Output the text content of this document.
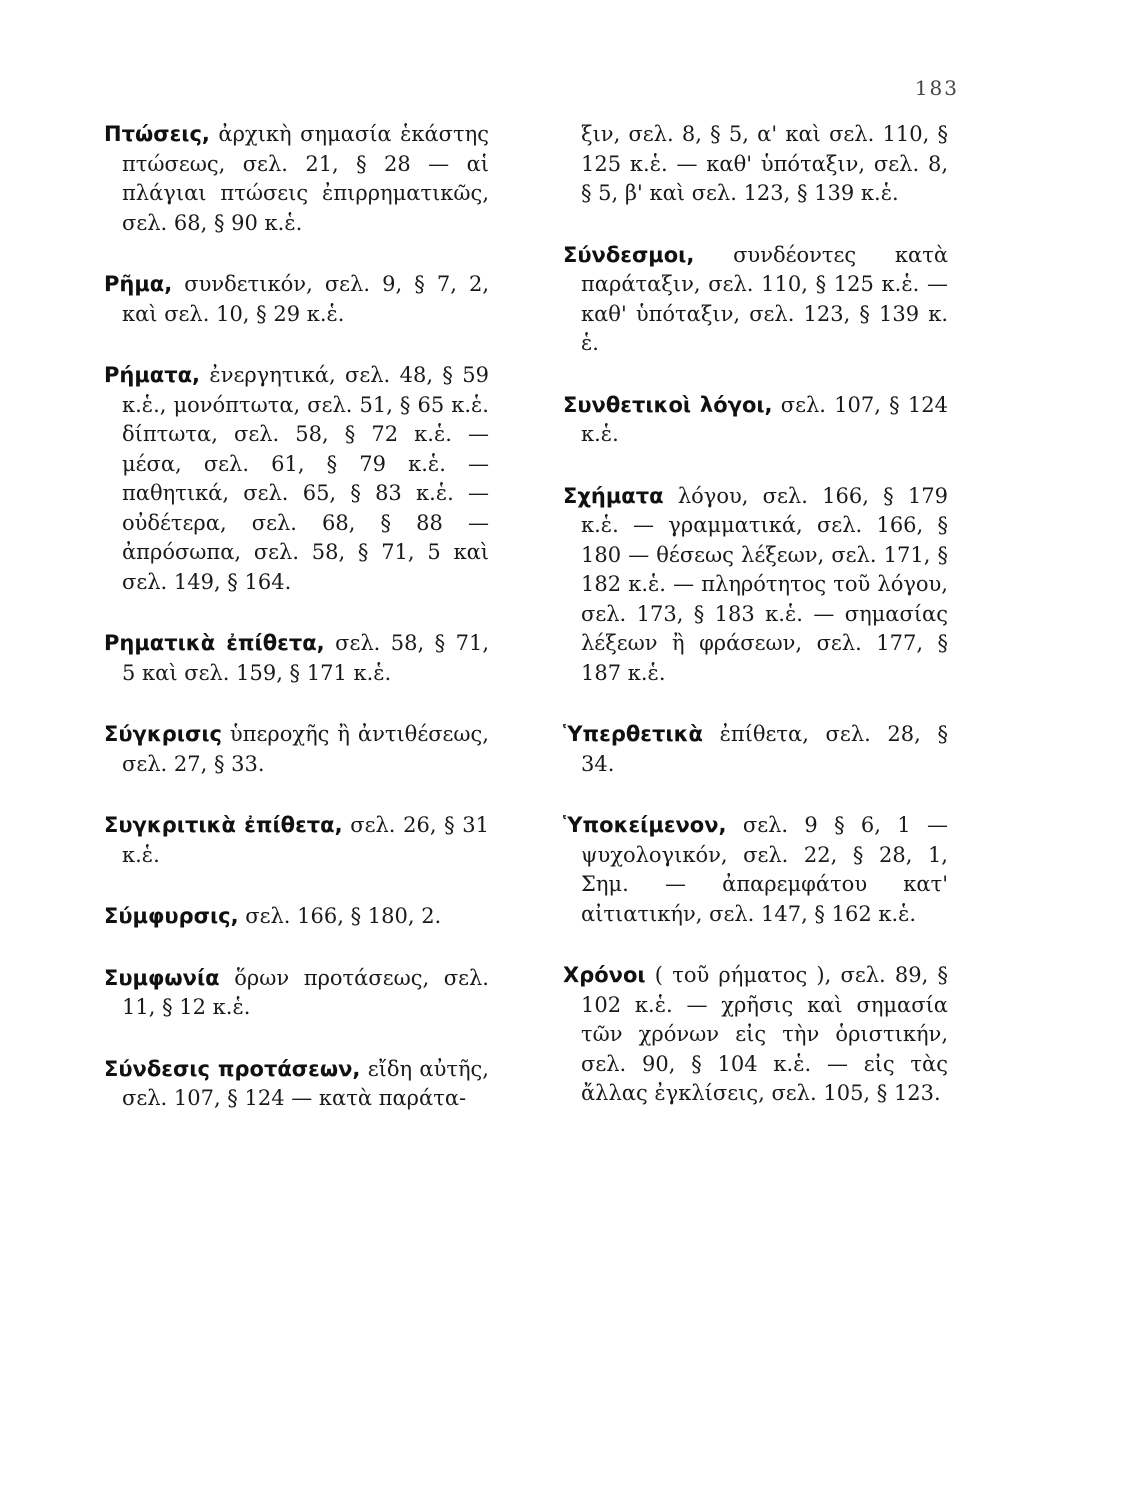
183

Πτώσεις, ἀρχικὴ σημασία ἑκάστης πτώσεως, σελ. 21, § 28 — αἱ πλάγιαι πτώσεις ἐπιρρηματικῶς, σελ. 68, § 90 κ.ἑ.

Ρῆμα, συνδετικόν, σελ. 9, § 7, 2, καὶ σελ. 10, § 29 κ.ἑ.

Ρήματα, ἐνεργητικά, σελ. 48, § 59 κ.ἑ., μονόπτωτα, σελ. 51, § 65 κ.ἑ. δίπτωτα, σελ. 58, § 72 κ.ἑ. — μέσα, σελ. 61, § 79 κ.ἑ. — παθητικά, σελ. 65, § 83 κ.ἑ. — οὐδέτερα, σελ. 68, § 88 — ἀπρόσωπα, σελ. 58, § 71, 5 καὶ σελ. 149, § 164.

Ρηματικὰ ἐπίθετα, σελ. 58, § 71, 5 καὶ σελ. 159, § 171 κ.ἑ.

Σύγκρισις ὑπεροχῆς ἢ ἀντιθέσεως, σελ. 27, § 33.

Συγκριτικὰ ἐπίθετα, σελ. 26, § 31 κ.ἑ.

Σύμφυρσις, σελ. 166, § 180, 2.

Συμφωνία ὅρων προτάσεως, σελ. 11, § 12 κ.ἑ.

Σύνδεσις προτάσεων, εἴδη αὐτῆς, σελ. 107, § 124 — κατὰ παράτα-

ξιν, σελ. 8, § 5, α' καὶ σελ. 110, § 125 κ.ἑ. — καθ' ὑπόταξιν, σελ. 8, § 5, β' καὶ σελ. 123, § 139 κ.ἑ.

Σύνδεσμοι, συνδέοντες κατὰ παράταξιν, σελ. 110, § 125 κ.ἑ. — καθ' ὑπόταξιν, σελ. 123, § 139 κ. ἑ.

Συνθετικοὶ λόγοι, σελ. 107, § 124 κ.ἑ.

Σχήματα λόγου, σελ. 166, § 179 κ.ἑ. — γραμματικά, σελ. 166, § 180 — θέσεως λέξεων, σελ. 171, § 182 κ.ἑ. — πληρότητος τοῦ λόγου, σελ. 173, § 183 κ.ἑ. — σημασίας λέξεων ἢ φράσεων, σελ. 177, § 187 κ.ἑ.

Ὑπερθετικὰ ἐπίθετα, σελ. 28, § 34.

Ὑποκείμενον, σελ. 9 § 6, 1 — ψυχολογικόν, σελ. 22, § 28, 1, Σημ. — ἀπαρεμφάτου κατ' αἰτιατικήν, σελ. 147, § 162 κ.ἑ.

Χρόνοι ( τοῦ ρήματος ), σελ. 89, § 102 κ.ἑ. — χρῆσις καὶ σημασία τῶν χρόνων εἰς τὴν ὁριστικήν, σελ. 90, § 104 κ.ἑ. — εἰς τὰς ἄλλας ἐγκλίσεις, σελ. 105, § 123.
